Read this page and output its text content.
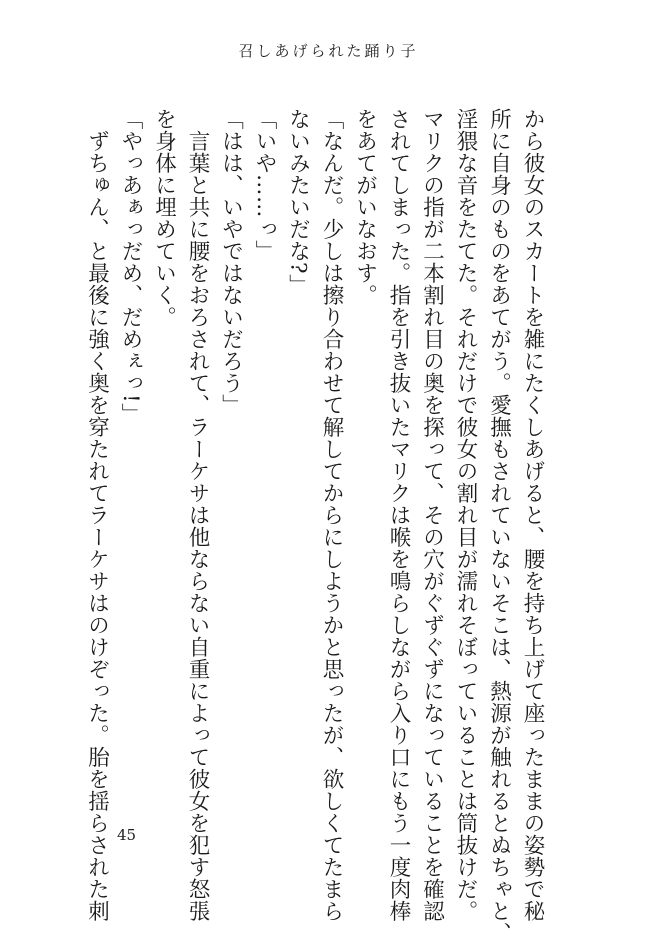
召しあげられた踊り子
から彼女のスカートを雑にたくしあげると、腰を持ち上げて座ったままの姿勢で秘
所に自身のものをあてがう。愛撫もされていないそこは、熱源が触れるとぬちゃと、
淫猥な音をたてた。それだけで彼女の割れ目が濡れそぼっていることは筒抜けだ。
マリクの指が二本割れ目の奥を探って、その穴がぐずぐずになっていることを確認
されてしまった。指を引き抜いたマリクは喉を鳴らしながら入り口にもう一度肉棒
をあてがいなおす。
「なんだ。少しは擦り合わせて解してからにしようかと思ったが、欲しくてたまら
ないみたいだな?」
「いや……っ」
「はは、いやではないだろう」
　言葉と共に腰をおろされて、ラーケサは他ならない自重によって彼女を犯す怒張
を身体に埋めていく。
「やっあぁっだめ、だめぇっ!」
　ずちゅん、と最後に強く奥を穿たれてラーケサはのけぞった。胎を揺らされた刺 45
